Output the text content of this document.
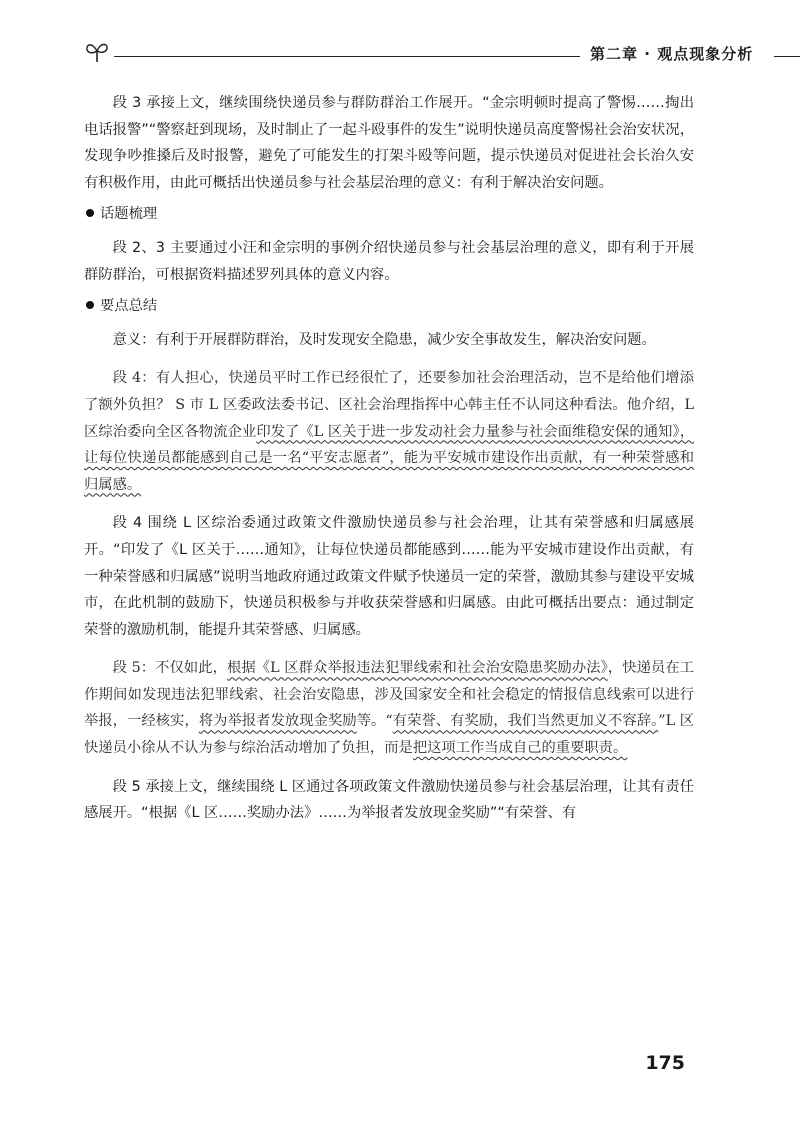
第二章 · 观点现象分析

段 3 承接上文，继续围绕快递员参与群防群治工作展开。“金宗明顿时提高了警惕……掏出电话报警”“警察赶到现场，及时制止了一起斗殴事件的发生”说明快递员高度警惕社会治安状况，发现争吵推搡后及时报警，避免了可能发生的打架斗殴等问题，提示快递员对促进社会长治久安有积极作用，由此可概括出快递员参与社会基层治理的意义：有利于解决治安问题。

话题梳理

段 2、3 主要通过小汪和金宗明的事例介绍快递员参与社会基层治理的意义，即有利于开展群防群治，可根据资料描述罗列具体的意义内容。

要点总结

意义：有利于开展群防群治，及时发现安全隐患，减少安全事故发生，解决治安问题。

段 4：有人担心，快递员平时工作已经很忙了，还要参加社会治理活动，岂不是给他们增添了额外负担？ S 市 L 区委政法委书记、区社会治理指挥中心韩主任不认同这种看法。他介绍，L 区综治委向全区各物流企业印发了《L 区关于进一步发动社会力量参与社会面维稳安保的通知》，让每位快递员都能感到自己是一名“平安志愿者”，能为平安城市建设作出贡献，有一种荣誉感和归属感。

段 4 围绕 L 区综治委通过政策文件激励快递员参与社会治理，让其有荣誉感和归属感展开。“印发了《L 区关于……通知》，让每位快递员都能感到……能为平安城市建设作出贡献，有一种荣誉感和归属感”说明当地政府通过政策文件赋予快递员一定的荣誉，激励其参与建设平安城市，在此机制的鼓励下，快递员积极参与并收获荣誉感和归属感。由此可概括出要点：通过制定荣誉的激励机制，能提升其荣誉感、归属感。

段 5：不仅如此，根据《L 区群众举报违法犯罪线索和社会治安隐患奖励办法》，快递员在工作期间如发现违法犯罪线索、社会治安隐患，涉及国家安全和社会稳定的情报信息线索可以进行举报，一经核实，将为举报者发放现金奖励等。“有荣誉、有奖励，我们当然更加义不容辞。”L 区快递员小徐从不认为参与综治活动增加了负担，而是把这项工作当成自己的重要职责。

段 5 承接上文，继续围绕 L 区通过各项政策文件激励快递员参与社会基层治理，让其有责任感展开。“根据《L 区……奖励办法》……为举报者发放现金奖励”“有荣誉、有

175
